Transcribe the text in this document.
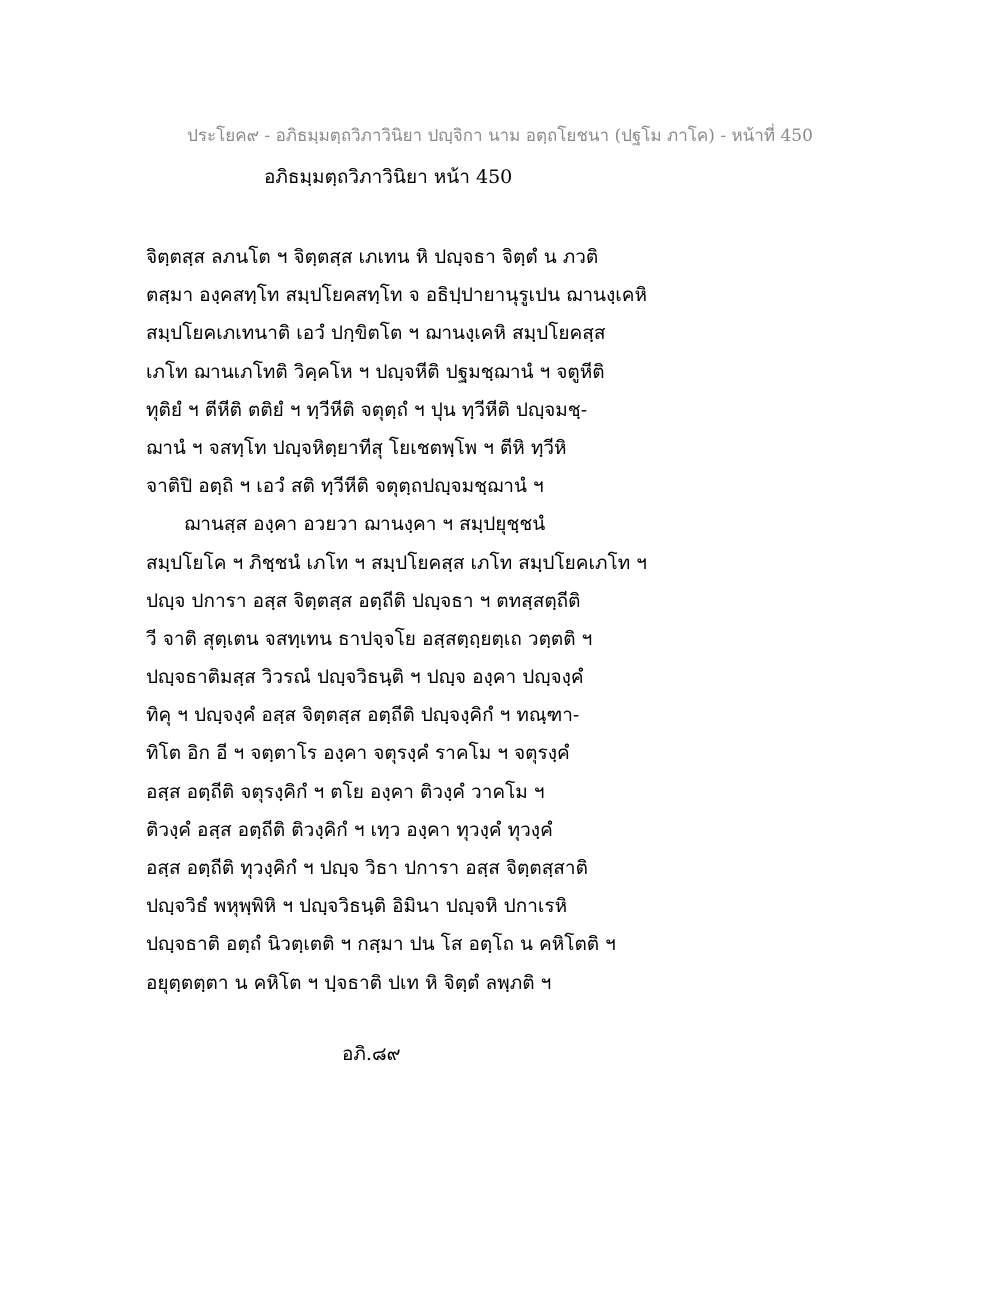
ประโยค๙ - อภิธมฺมตฺถวิภาวินิยา ปญฺจิกา นาม อตฺถโยชนา (ปฐโม ภาโค) - หน้าที่ 450
อภิธมฺมตฺถวิภาวินิยา หน้า 450
จิตฺตสฺส ลภนโต ฯ จิตฺตสฺส เภเทน หิ ปญฺจธา จิตฺตํ น ภวติ
ตสฺมา องฺคสทฺโท สมฺปโยคสทฺโท จ อธิปฺปายานุรูเปน ฌานงฺเคหิ
สมฺปโยคเภเทนาติ เอวํ ปกฺขิตโต ฯ ฌานงฺเคหิ สมฺปโยคสฺส
เภโท ฌานเภโทติ วิคฺคโห ฯ ปญฺจหีติ ปฐมชฺฌานํ ฯ จตูหีติ
ทุติยํ ฯ ตีหีติ ตติยํ ฯ ทฺวีหีติ จตุตฺถํ ฯ ปุน ทฺวีหีติ ปญฺจมชฺ-
ฌานํ ฯ จสทฺโท ปญฺจหิตฺยาทีสุ โยเชตพฺโพ ฯ ตีหิ ทฺวีหิ
จาติปิ อตฺถิ ฯ เอวํ สติ ทฺวีหีติ จตุตฺถปญฺจมชฺฌานํ ฯ
ฌานสฺส องฺคา อวยวา ฌานงฺคา ฯ สมฺปยุชฺชนํ
สมฺปโยโค ฯ ภิชฺชนํ เภโท ฯ สมฺปโยคสฺส เภโท สมฺปโยคเภโท ฯ
ปญฺจ ปการา อสฺส จิตฺตสฺส อตฺถีติ ปญฺจธา ฯ ตทสฺสตฺถีติ
วี จาติ สุตฺเตน จสทฺเทน ธาปจฺจโย อสฺสตฺถฺยตฺเถ วตฺตติ ฯ
ปญฺจธาติมสฺส วิวรณํ ปญฺจวิธนฺติ ฯ ปญฺจ องฺคา ปญฺจงฺคํ
ทิคุ ฯ ปญฺจงฺคํ อสฺส จิตฺตสฺส อตฺถีติ ปญฺจงฺคิกํ ฯ ทณฺฑา-
ทิโต อิก อี ฯ จตฺตาโร องฺคา จตุรงฺคํ ราคโม ฯ จตุรงฺคํ
อสฺส อตฺถีติ จตุรงฺคิกํ ฯ ตโย องฺคา ติวงฺคํ วาคโม ฯ
ติวงฺคํ อสฺส อตฺถีติ ติวงฺคิกํ ฯ เทฺว องฺคา ทุวงฺคํ ทุวงฺคํ
อสฺส อตฺถีติ ทุวงฺคิกํ ฯ ปญฺจ วิธา ปการา อสฺส จิตฺตสฺสาติ
ปญฺจวิธํ พหุพฺพิหิ ฯ ปญฺจวิธนฺติ อิมินา ปญฺจหิ ปกาเรหิ
ปญฺจธาติ อตฺถํ นิวตฺเตติ ฯ กสฺมา ปน โส อตฺโถ น คหิโตติ ฯ
อยุตฺตตฺตา น คหิโต ฯ ปฺจธาติ ปเท หิ จิตฺตํ ลพฺภติ ฯ
อภิ.๘๙
